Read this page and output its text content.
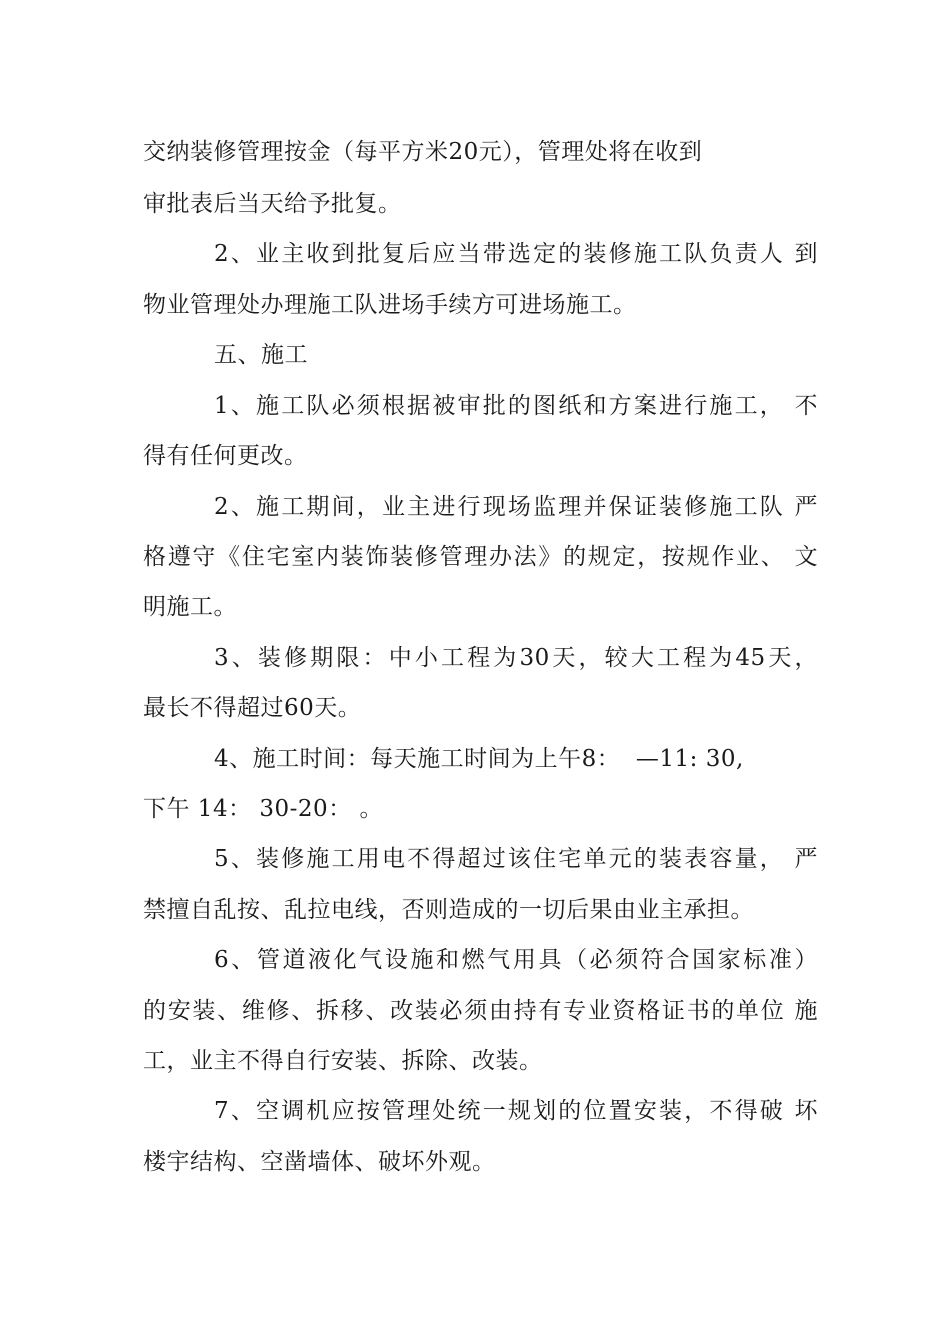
交纳装修管理按金（每平方米20元），管理处将在收到
审批表后当天给予批复。
2、业主收到批复后应当带选定的装修施工队负责人 到
物业管理处办理施工队进场手续方可进场施工。
五、施工
1、施工队必须根据被审批的图纸和方案进行施工， 不
得有任何更改。
2、施工期间，业主进行现场监理并保证装修施工队 严
格遵守《住宅室内装饰装修管理办法》的规定，按规作业、 文
明施工。
3、装修期限：中小工程为30天，较大工程为45天，
最长不得超过60天。
4、施工时间：每天施工时间为上午8：  —11: 30,
下午 14： 30-20： 。
5、装修施工用电不得超过该住宅单元的装表容量， 严
禁擅自乱按、乱拉电线，否则造成的一切后果由业主承担。
6、管道液化气设施和燃气用具（必须符合国家标准）
的安装、维修、拆移、改装必须由持有专业资格证书的单位 施
工，业主不得自行安装、拆除、改装。
7、空调机应按管理处统一规划的位置安装，不得破 坏
楼宇结构、空凿墙体、破坏外观。
